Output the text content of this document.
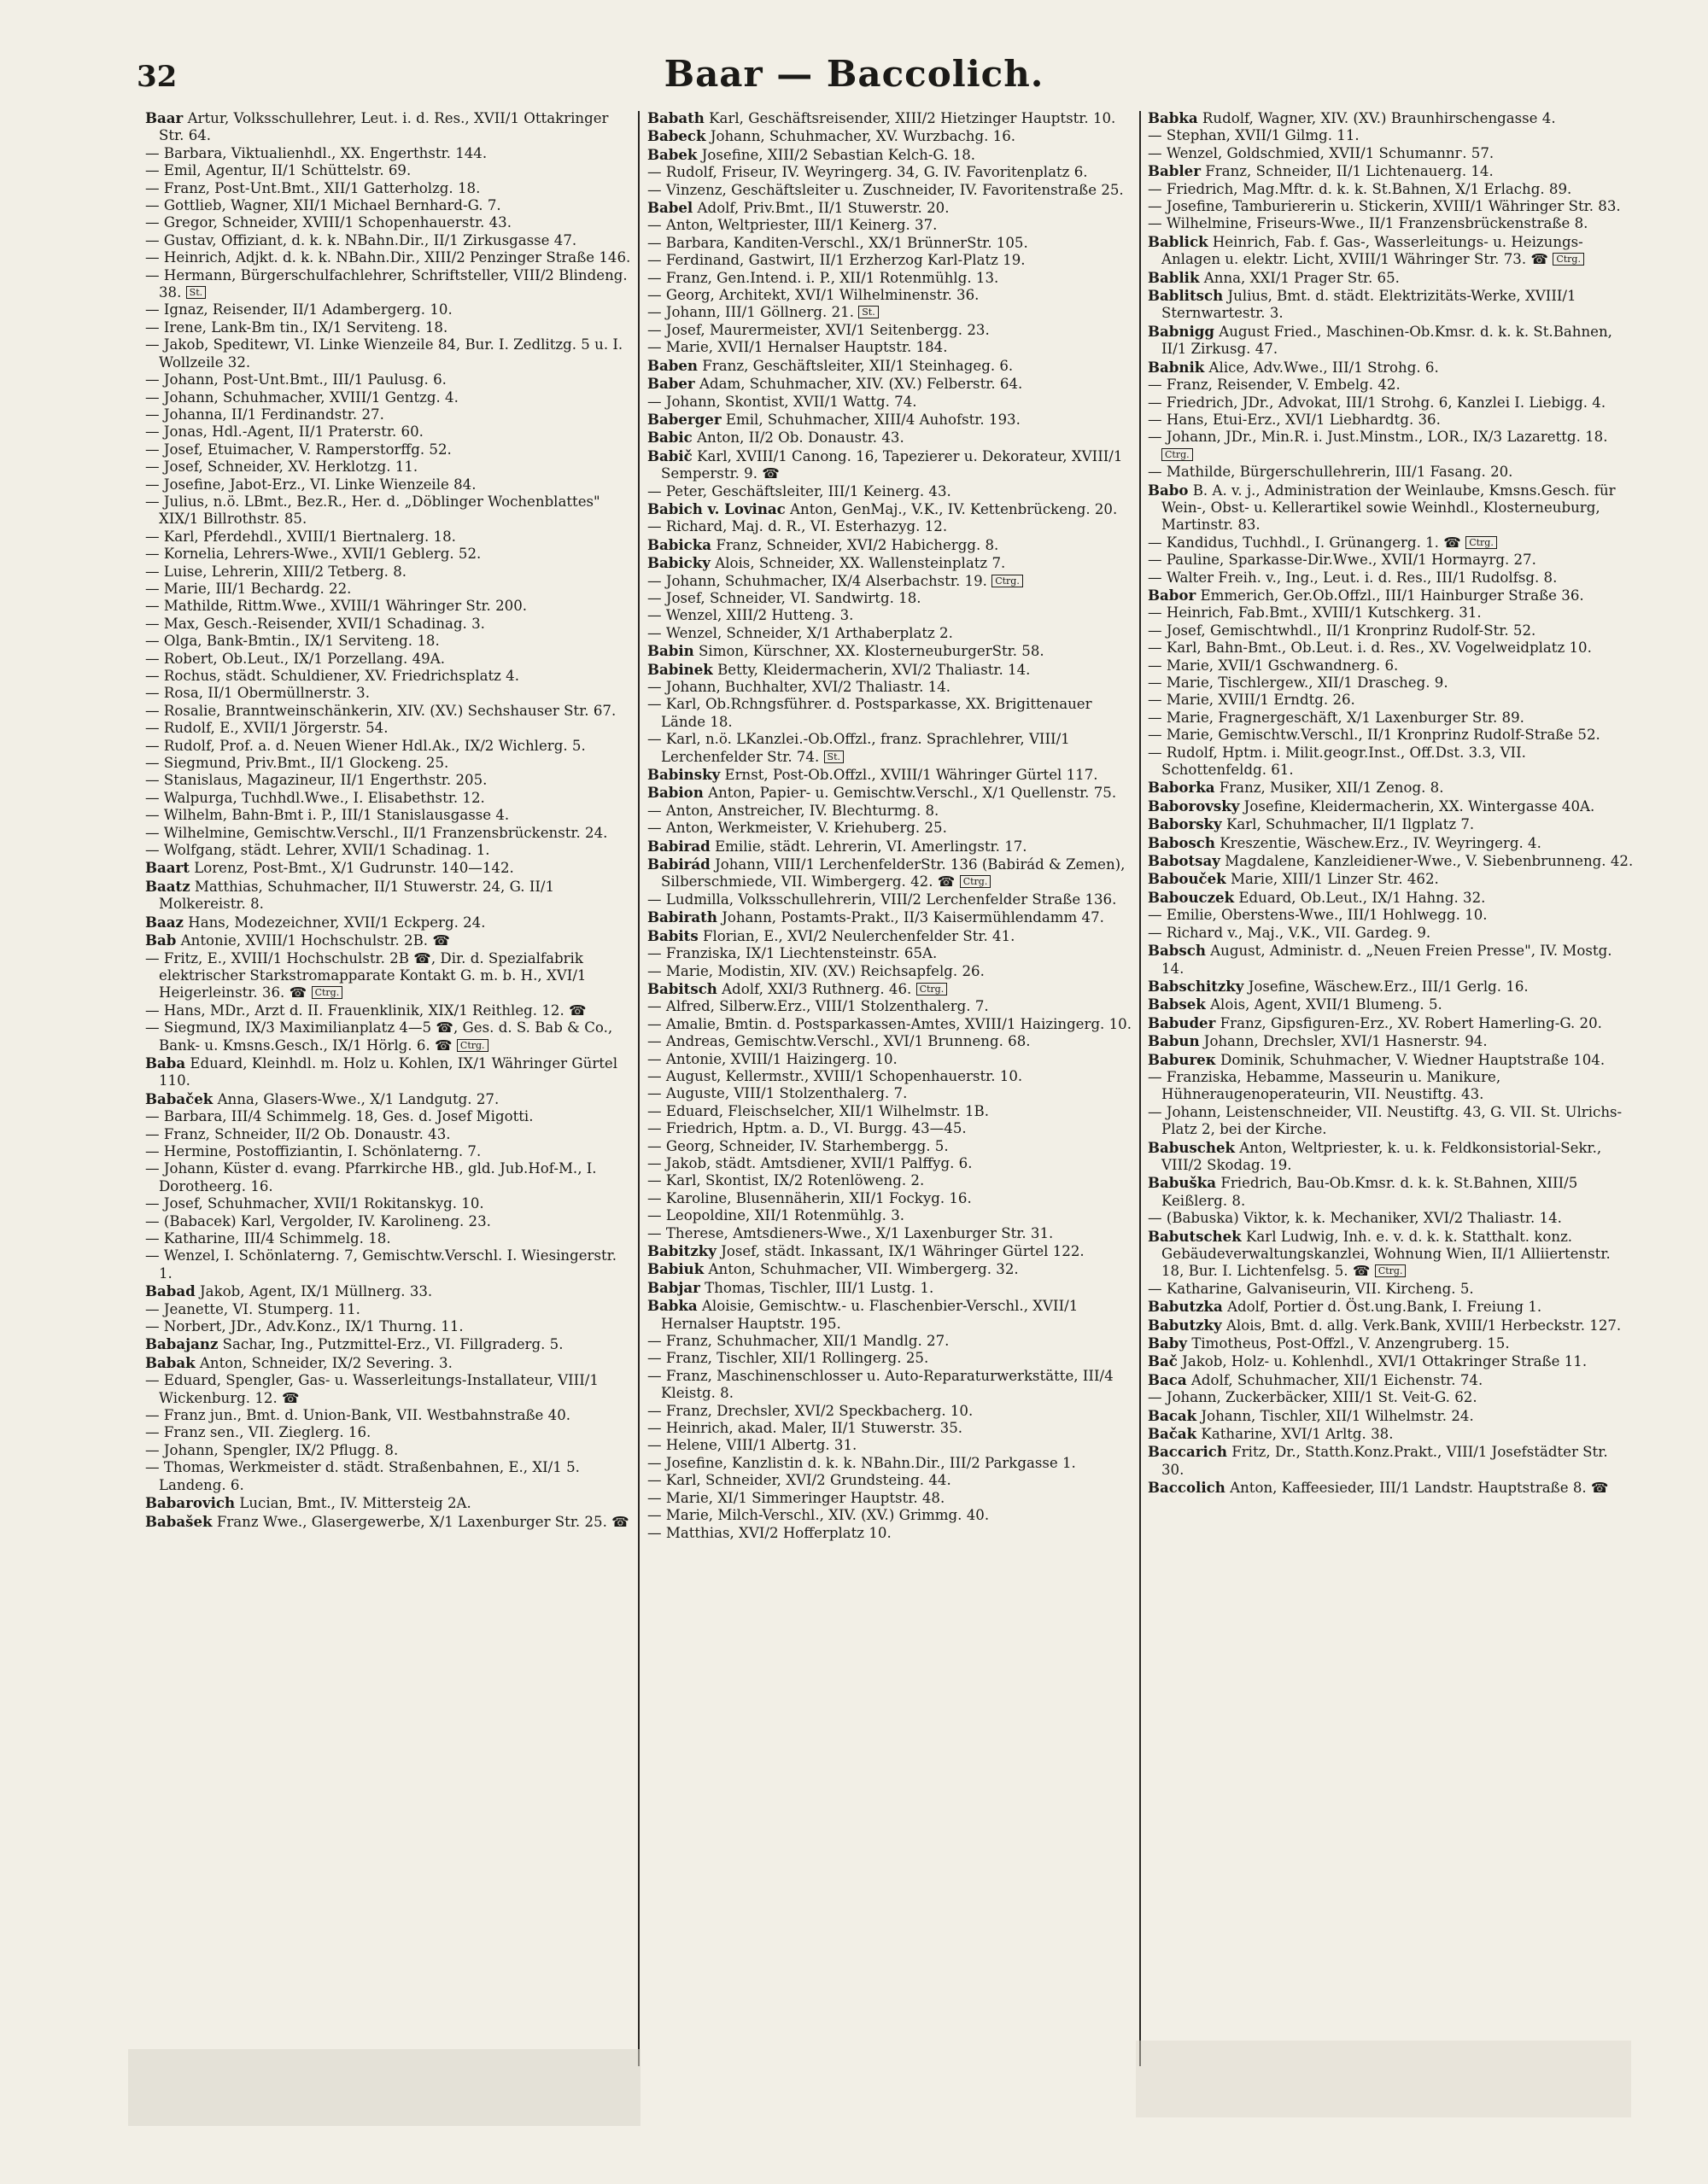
32	Baar — Baccolich.

Baar Artur, Volksschullehrer, Leut. i. d. Res., XVII/1 Ottakringer Str. 64.

— Barbara, Viktualienhdl., XX. Engerthstr. 144.

— Emil, Agentur, II/1 Schüttelstr. 69.

— Franz, Post-Unt.Bmt., XII/1 Gatterholzg. 18.

— Gottlieb, Wagner, XII/1 Michael Bernhard-G. 7.

— Gregor, Schneider, XVIII/1 Schopenhauerstr. 43.

— Gustav, Offiziant, d. k. k. NBahn.Dir., II/1 Zirkusgasse 47.

— Heinrich, Adjkt. d. k. k. NBahn.Dir., XIII/2 Penzinger Straße 146.

— Hermann, Bürgerschulfachlehrer, Schriftsteller, VIII/2 Blindeng. 38. St.

— Ignaz, Reisender, II/1 Adambergerg. 10.

— Irene, Lank-Bm tin., IX/1 Serviteng. 18.

— Jakob, Speditewr, VI. Linke Wienzeile 84, Bur. I. Zedlitzg. 5 u. I. Wollzeile 32.

— Johann, Post-Unt.Bmt., III/1 Paulusg. 6.

— Johann, Schuhmacher, XVIII/1 Gentzg. 4.

— Johanna, II/1 Ferdinandstr. 27.

— Jonas, Hdl.-Agent, II/1 Praterstr. 60.

— Josef, Etuimacher, V. Ramperstorffg. 52.

— Josef, Schneider, XV. Herklotzg. 11.

— Josefine, Jabot-Erz., VI. Linke Wienzeile 84.

— Julius, n.ö. LBmt., Bez.R., Her. d. „Döblinger Wochenblattes" XIX/1 Billrothstr. 85.

— Karl, Pferdehdl., XVIII/1 Biertnalerg. 18.

— Kornelia, Lehrers-Wwe., XVII/1 Geblerg. 52.

— Luise, Lehrerin, XIII/2 Tetberg. 8.

— Marie, III/1 Bechardg. 22.

— Mathilde, Rittm.Wwe., XVIII/1 Währinger Str. 200.

— Max, Gesch.-Reisender, XVII/1 Schadinag. 3.

— Olga, Bank-Bmtin., IX/1 Serviteng. 18.

— Robert, Ob.Leut., IX/1 Porzellang. 49A.

— Rochus, städt. Schuldiener, XV. Friedrichsplatz 4.

— Rosa, II/1 Obermüllnerstr. 3.

— Rosalie, Branntweinschänkerin, XIV. (XV.) Sechshauser Str. 67.

— Rudolf, E., XVII/1 Jörgerstr. 54.

— Rudolf, Prof. a. d. Neuen Wiener Hdl.Ak., IX/2 Wichlerg. 5.

— Siegmund, Priv.Bmt., II/1 Glockeng. 25.

— Stanislaus, Magazineur, II/1 Engerthstr. 205.

— Walpurga, Tuchhdl.Wwe., I. Elisabethstr. 12.

— Wilhelm, Bahn-Bmt i. P., III/1 Stanislausgasse 4.

— Wilhelmine, Gemischtw.Verschl., II/1 Franzensbrückenstr. 24.

— Wolfgang, städt. Lehrer, XVII/1 Schadinag. 1.

Baart Lorenz, Post-Bmt., X/1 Gudrunstr. 140—142.

Baatz Matthias, Schuhmacher, II/1 Stuwerstr. 24, G. II/1 Molkereistr. 8.

Baaz Hans, Modezeichner, XVII/1 Eckperg. 24.

Bab Antonie, XVIII/1 Hochschulstr. 2B. ☎

— Fritz, E., XVIII/1 Hochschulstr. 2B ☎, Dir. d. Spezialfabrik elektrischer Starkstromapparate Kontakt G. m. b. H., XVI/1 Heigerleinstr. 36. ☎ Ctrg.

— Hans, MDr., Arzt d. II. Frauenklinik, XIX/1 Reithleg. 12. ☎

— Siegmund, IX/3 Maximilianplatz 4—5 ☎, Ges. d. S. Bab & Co., Bank- u. Kmsns.Gesch., IX/1 Hörlg. 6. ☎ Ctrg.

Baba Eduard, Kleinhdl. m. Holz u. Kohlen, IX/1 Währinger Gürtel 110.

Babaček Anna, Glasers-Wwe., X/1 Landgutg. 27.

— Barbara, III/4 Schimmelg. 18, Ges. d. Josef Migotti.

— Franz, Schneider, II/2 Ob. Donaustr. 43.

— Hermine, Postoffiziantin, I. Schönlaterng. 7.

— Johann, Küster d. evang. Pfarrkirche HB., gld. Jub.Hof-M., I. Dorotheerg. 16.

— Josef, Schuhmacher, XVII/1 Rokitanskyg. 10.

— (Babacek) Karl, Vergolder, IV. Karolineng. 23.

— Katharine, III/4 Schimmelg. 18.

— Wenzel, I. Schönlaterng. 7, Gemischtw.Verschl. I. Wiesingerstr. 1.

Babad Jakob, Agent, IX/1 Müllnerg. 33.

— Jeanette, VI. Stumperg. 11.

— Norbert, JDr., Adv.Konz., IX/1 Thurng. 11.

Babajanz Sachar, Ing., Putzmittel-Erz., VI. Fillgraderg. 5.

Babak Anton, Schneider, IX/2 Severing. 3.

— Eduard, Spengler, Gas- u. Wasserleitungs-Installateur, VIII/1 Wickenburg. 12. ☎

— Franz jun., Bmt. d. Union-Bank, VII. Westbahnstraße 40.

— Franz sen., VII. Zieglerg. 16.

— Johann, Spengler, IX/2 Pflugg. 8.

— Thomas, Werkmeister d. städt. Straßenbahnen, E., XI/1 5. Landeng. 6.

Babarovich Lucian, Bmt., IV. Mittersteig 2A.

Babašek Franz Wwe., Glasergewerbe, X/1 Laxenburger Str. 25. ☎

Babath Karl, Geschäftsreisender, XIII/2 Hietzinger Hauptstr. 10.

Babeck Johann, Schuhmacher, XV. Wurzbachg. 16.

Babek Josefine, XIII/2 Sebastian Kelch-G. 18.

— Rudolf, Friseur, IV. Weyringerg. 34, G. IV. Favoritenplatz 6.

— Vinzenz, Geschäftsleiter u. Zuschneider, IV. Favoritenstraße 25.

Babel Adolf, Priv.Bmt., II/1 Stuwerstr. 20.

— Anton, Weltpriester, III/1 Keinerg. 37.

— Barbara, Kanditen-Verschl., XX/1 BrünnerStr. 105.

— Ferdinand, Gastwirt, II/1 Erzherzog Karl-Platz 19.

— Franz, Gen.Intend. i. P., XII/1 Rotenmühlg. 13.

— Georg, Architekt, XVI/1 Wilhelminenstr. 36.

— Johann, III/1 Göllnerg. 21. St.

— Josef, Maurermeister, XVI/1 Seitenbergg. 23.

— Marie, XVII/1 Hernalser Hauptstr. 184.

Baben Franz, Geschäftsleiter, XII/1 Steinhageg. 6.

Baber Adam, Schuhmacher, XIV. (XV.) Felberstr. 64.

— Johann, Skontist, XVII/1 Wattg. 74.

Baberger Emil, Schuhmacher, XIII/4 Auhofstr. 193.

Babic Anton, II/2 Ob. Donaustr. 43.

Babič Karl, XVIII/1 Canong. 16, Tapezierer u. Dekorateur, XVIII/1 Semperstr. 9. ☎

— Peter, Geschäftsleiter, III/1 Keinerg. 43.

Babich v. Lovinac Anton, GenMaj., V.K., IV. Kettenbrückeng. 20.

— Richard, Maj. d. R., VI. Esterhazyg. 12.

Babicka Franz, Schneider, XVI/2 Habichergg. 8.

Babicky Alois, Schneider, XX. Wallensteinplatz 7.

— Johann, Schuhmacher, IX/4 Alserbachstr. 19. Ctrg.

— Josef, Schneider, VI. Sandwirtg. 18.

— Wenzel, XIII/2 Hutteng. 3.

— Wenzel, Schneider, X/1 Arthaberplatz 2.

Babin Simon, Kürschner, XX. KlosterneuburgerStr. 58.

Babinek Betty, Kleidermacherin, XVI/2 Thaliastr. 14.

— Johann, Buchhalter, XVI/2 Thaliastr. 14.

— Karl, Ob.Rchngsführer. d. Postsparkasse, XX. Brigittenauer Lände 18.

— Karl, n.ö. LKanzlei.-Ob.Offzl., franz. Sprachlehrer, VIII/1 Lerchenfelder Str. 74. St.

Babinsky Ernst, Post-Ob.Offzl., XVIII/1 Währinger Gürtel 117.

Babion Anton, Papier- u. Gemischtw.Verschl., X/1 Quellenstr. 75.

— Anton, Anstreicher, IV. Blechturmg. 8.

— Anton, Werkmeister, V. Kriehuberg. 25.

Babirad Emilie, städt. Lehrerin, VI. Amerlingstr. 17.

Babirád Johann, VIII/1 LerchenfelderStr. 136 (Babirád & Zemen), Silberschmiede, VII. Wimbergerg. 42. ☎ Ctrg.

— Ludmilla, Volksschullehrerin, VIII/2 Lerchenfelder Straße 136.

Babirath Johann, Postamts-Prakt., II/3 Kaisermühlendamm 47.

Babits Florian, E., XVI/2 Neulerchenfelder Str. 41.

— Franziska, IX/1 Liechtensteinstr. 65A.

— Marie, Modistin, XIV. (XV.) Reichsapfelg. 26.

Babitsch Adolf, XXI/3 Ruthnerg. 46. Ctrg.

— Alfred, Silberw.Erz., VIII/1 Stolzenthalerg. 7.

— Amalie, Bmtin. d. Postsparkassen-Amtes, XVIII/1 Haizingerg. 10.

— Andreas, Gemischtw.Verschl., XVI/1 Brunneng. 68.

— Antonie, XVIII/1 Haizingerg. 10.

— August, Kellermstr., XVIII/1 Schopenhauerstr. 10.

— Auguste, VIII/1 Stolzenthalerg. 7.

— Eduard, Fleischselcher, XII/1 Wilhelmstr. 1B.

— Friedrich, Hptm. a. D., VI. Burgg. 43—45.

— Georg, Schneider, IV. Starhembergg. 5.

— Jakob, städt. Amtsdiener, XVII/1 Palffyg. 6.

— Karl, Skontist, IX/2 Rotenlöweng. 2.

— Karoline, Blusennäherin, XII/1 Fockyg. 16.

— Leopoldine, XII/1 Rotenmühlg. 3.

— Therese, Amtsdieners-Wwe., X/1 Laxenburger Str. 31.

Babitzky Josef, städt. Inkassant, IX/1 Währinger Gürtel 122.

Babiuk Anton, Schuhmacher, VII. Wimbergerg. 32.

Babjar Thomas, Tischler, III/1 Lustg. 1.

Babka Aloisie, Gemischtw.- u. Flaschenbier-Verschl., XVII/1 Hernalser Hauptstr. 195.

— Franz, Schuhmacher, XII/1 Mandlg. 27.

— Franz, Tischler, XII/1 Rollingerg. 25.

— Franz, Maschinenschlosser u. Auto-Reparaturwerkstätte, III/4 Kleistg. 8.

— Franz, Drechsler, XVI/2 Speckbacherg. 10.

— Heinrich, akad. Maler, II/1 Stuwerstr. 35.

— Helene, VIII/1 Albertg. 31.

— Josefine, Kanzlistin d. k. k. NBahn.Dir., III/2 Parkgasse 1.

— Karl, Schneider, XVI/2 Grundsteing. 44.

— Marie, XI/1 Simmeringer Hauptstr. 48.

— Marie, Milch-Verschl., XIV. (XV.) Grimmg. 40.

— Matthias, XVI/2 Hofferplatz 10.

Babka Rudolf, Wagner, XIV. (XV.) Braunhirschengasse 4.

— Stephan, XVII/1 Gilmg. 11.

— Wenzel, Goldschmied, XVII/1 Schumannг. 57.

Babler Franz, Schneider, II/1 Lichtenauerg. 14.

— Friedrich, Mag.Mftr. d. k. k. St.Bahnen, X/1 Erlachg. 89.

— Josefine, Tamburiererin u. Stickerin, XVIII/1 Währinger Str. 83.

— Wilhelmine, Friseurs-Wwe., II/1 Franzensbrückenstraße 8.

Bablick Heinrich, Fab. f. Gas-, Wasserleitungs- u. Heizungs-Anlagen u. elektr. Licht, XVIII/1 Währinger Str. 73. ☎ Ctrg.

Bablik Anna, XXI/1 Prager Str. 65.

Bablitsch Julius, Bmt. d. städt. Elektrizitäts-Werke, XVIII/1 Sternwartestr. 3.

Babnigg August Fried., Maschinen-Ob.Kmsr. d. k. k. St.Bahnen, II/1 Zirkusg. 47.

Babnik Alice, Adv.Wwe., III/1 Strohg. 6.

— Franz, Reisender, V. Embelg. 42.

— Friedrich, JDr., Advokat, III/1 Strohg. 6, Kanzlei I. Liebigg. 4.

— Hans, Etui-Erz., XVI/1 Liebhardtg. 36.

— Johann, JDr., Min.R. i. Just.Minstm., LOR., IX/3 Lazarettg. 18. Ctrg.

— Mathilde, Bürgerschullehrerin, III/1 Fasang. 20.

Babo B. A. v. j., Administration der Weinlaube, Kmsns.Gesch. für Wein-, Obst- u. Kellerartikel sowie Weinhdl., Klosterneuburg, Martinstr. 83.

— Kandidus, Tuchhdl., I. Grünangerg. 1. ☎ Ctrg.

— Pauline, Sparkasse-Dir.Wwe., XVII/1 Hormayrg. 27.

— Walter Freih. v., Ing., Leut. i. d. Res., III/1 Rudolfsg. 8.

Babor Emmerich, Ger.Ob.Offzl., III/1 Hainburger Straße 36.

— Heinrich, Fab.Bmt., XVIII/1 Kutschkerg. 31.

— Josef, Gemischtwhdl., II/1 Kronprinz Rudolf-Str. 52.

— Karl, Bahn-Bmt., Ob.Leut. i. d. Res., XV. Vogelweidplatz 10.

— Marie, XVII/1 Gschwandnerg. 6.

— Marie, Tischlergew., XII/1 Drascheg. 9.

— Marie, XVIII/1 Erndtg. 26.

— Marie, Fragnergeschäft, X/1 Laxenburger Str. 89.

— Marie, Gemischtw.Verschl., II/1 Kronprinz Rudolf-Straße 52.

— Rudolf, Hptm. i. Milit.geogr.Inst., Off.Dst. 3.3, VII. Schottenfeldg. 61.

Baborka Franz, Musiker, XII/1 Zenog. 8.

Baborovsky Josefine, Kleidermacherin, XX. Wintergasse 40A.

Baborsky Karl, Schuhmacher, II/1 Ilgplatz 7.

Babosch Kreszentie, Wäschew.Erz., IV. Weyringerg. 4.

Babotsay Magdalene, Kanzleidiener-Wwe., V. Siebenbrunneng. 42.

Babouček Marie, XIII/1 Linzer Str. 462.

Babouczek Eduard, Ob.Leut., IX/1 Hahng. 32.

— Emilie, Oberstens-Wwe., III/1 Hohlwegg. 10.

— Richard v., Maj., V.K., VII. Gardeg. 9.

Babsch August, Administr. d. „Neuen Freien Presse", IV. Mostg. 14.

Babschitzky Josefine, Wäschew.Erz., III/1 Gerlg. 16.

Babsek Alois, Agent, XVII/1 Blumeng. 5.

Babuder Franz, Gipsfiguren-Erz., XV. Robert Hamerling-G. 20.

Babun Johann, Drechsler, XVI/1 Hasnerstr. 94.

Babureк Dominik, Schuhmacher, V. Wiedner Hauptstraße 104.

— Franziska, Hebamme, Masseurin u. Manikure, Hühneraugenoperateurin, VII. Neustiftg. 43.

— Johann, Leistenschneider, VII. Neustiftg. 43, G. VII. St. Ulrichs-Platz 2, bei der Kirche.

Babuschek Anton, Weltpriester, k. u. k. Feldkonsistorial-Sekr., VIII/2 Skodag. 19.

Babuška Friedrich, Bau-Ob.Kmsr. d. k. k. St.Bahnen, XIII/5 Keißlerg. 8.

— (Babuska) Viktor, k. k. Mechaniker, XVI/2 Thaliastr. 14.

Babutschek Karl Ludwig, Inh. e. v. d. k. k. Statthalt. konz. Gebäudeverwaltungskanzlei, Wohnung Wien, II/1 Alliiertenstr. 18, Bur. I. Lichtenfelsg. 5. ☎ Ctrg.

— Katharine, Galvaniseurin, VII. Kircheng. 5.

Babutzka Adolf, Portier d. Öst.ung.Bank, I. Freiung 1.

Babutzky Alois, Bmt. d. allg. Verk.Bank, XVIII/1 Herbeckstr. 127.

Baby Timotheus, Post-Offzl., V. Anzengruberg. 15.

Bač Jakob, Holz- u. Kohlenhdl., XVI/1 Ottakringer Straße 11.

Baca Adolf, Schuhmacher, XII/1 Eichenstr. 74.

— Johann, Zuckerbäcker, XIII/1 St. Veit-G. 62.

Bacak Johann, Tischler, XII/1 Wilhelmstr. 24.

Bačak Katharine, XVI/1 Arltg. 38.

Baccarich Fritz, Dr., Statth.Konz.Prakt., VIII/1 Josefstädter Str. 30.

Baccolich Anton, Kaffeesieder, III/1 Landstr. Hauptstraße 8. ☎
